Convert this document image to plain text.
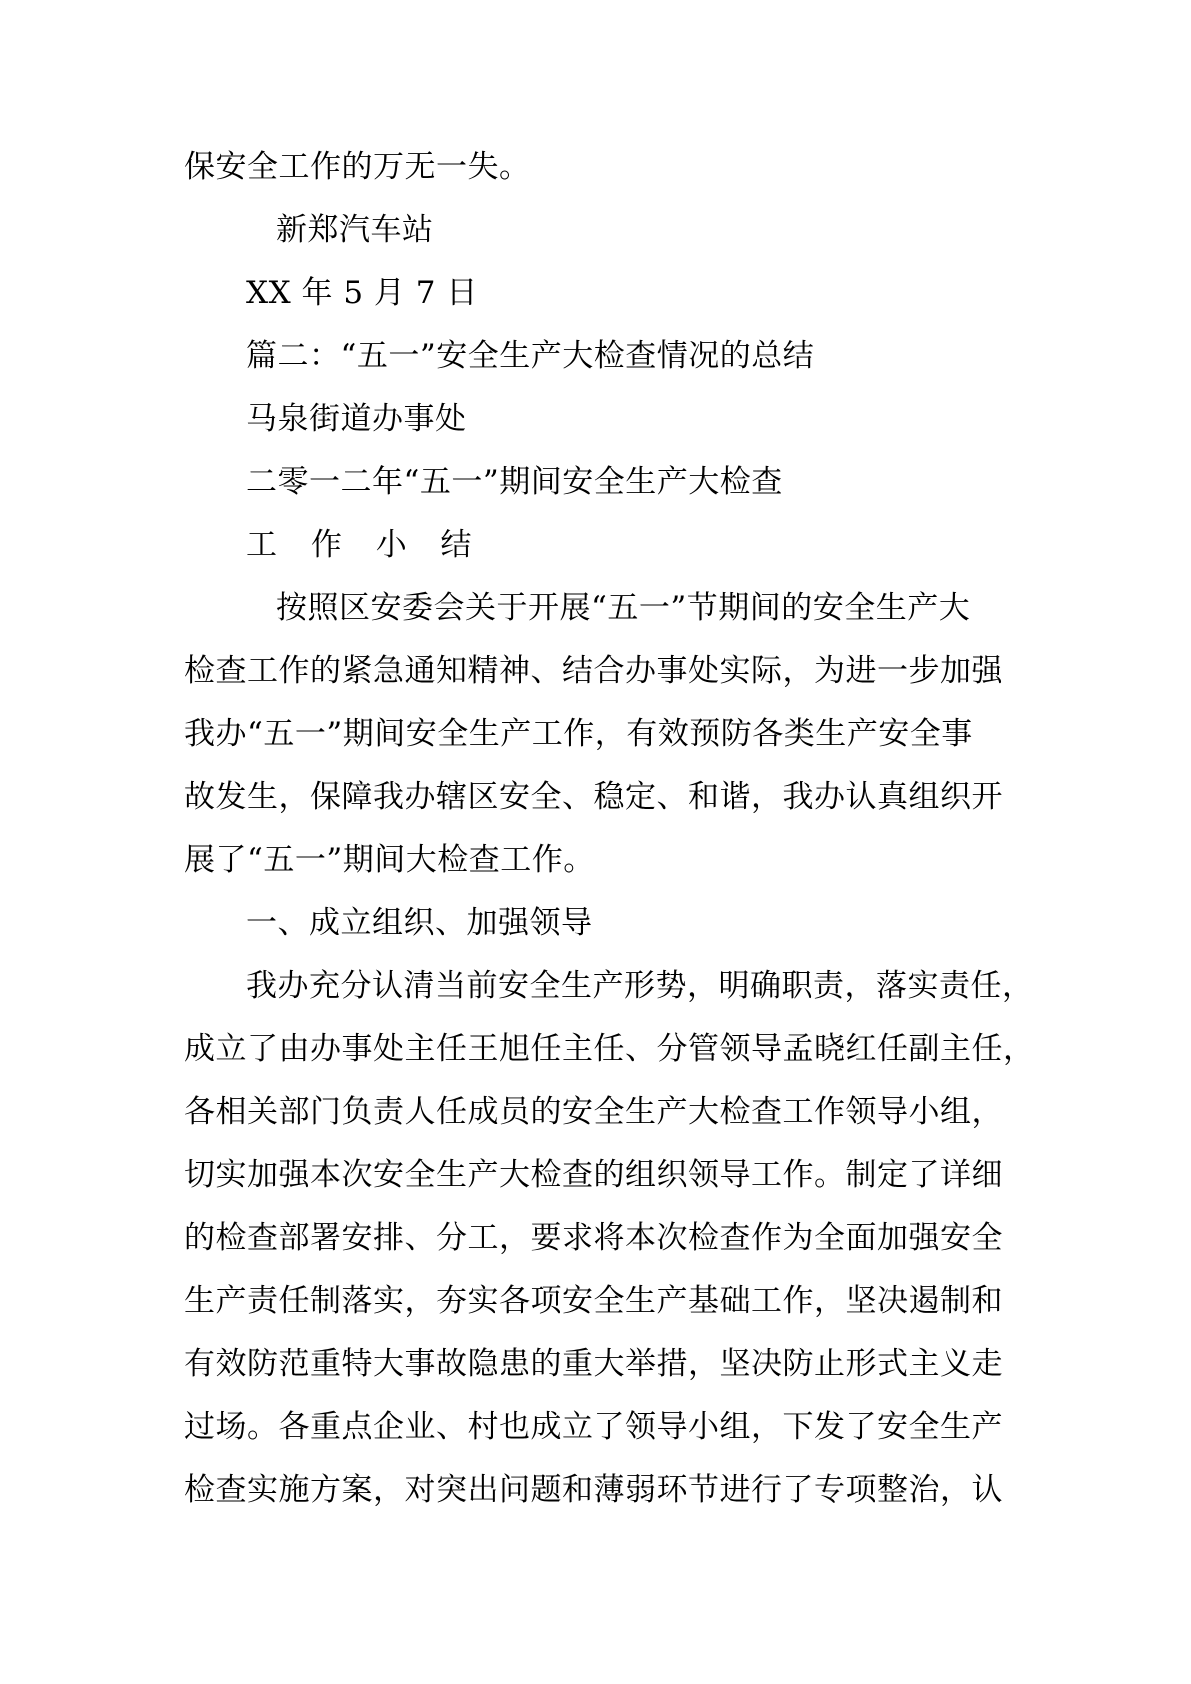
保安全工作的万无一失。
新郑汽车站
XX 年 5 月 7 日
篇二：“五一”安全生产大检查情况的总结
马泉街道办事处
二零一二年“五一”期间安全生产大检查
工 作 小 结
按照区安委会关于开展“五一”节期间的安全生产大
检查工作的紧急通知精神、结合办事处实际，为进一步加强
我办“五一”期间安全生产工作，有效预防各类生产安全事
故发生，保障我办辖区安全、稳定、和谐，我办认真组织开
展了“五一”期间大检查工作。
一、成立组织、加强领导
我办充分认清当前安全生产形势，明确职责，落实责任，
成立了由办事处主任王旭任主任、分管领导孟晓红任副主任，
各相关部门负责人任成员的安全生产大检查工作领导小组，
切实加强本次安全生产大检查的组织领导工作。制定了详细
的检查部署安排、分工，要求将本次检查作为全面加强安全
生产责任制落实，夯实各项安全生产基础工作，坚决遏制和
有效防范重特大事故隐患的重大举措，坚决防止形式主义走
过场。各重点企业、村也成立了领导小组，下发了安全生产
检查实施方案，对突出问题和薄弱环节进行了专项整治，认
